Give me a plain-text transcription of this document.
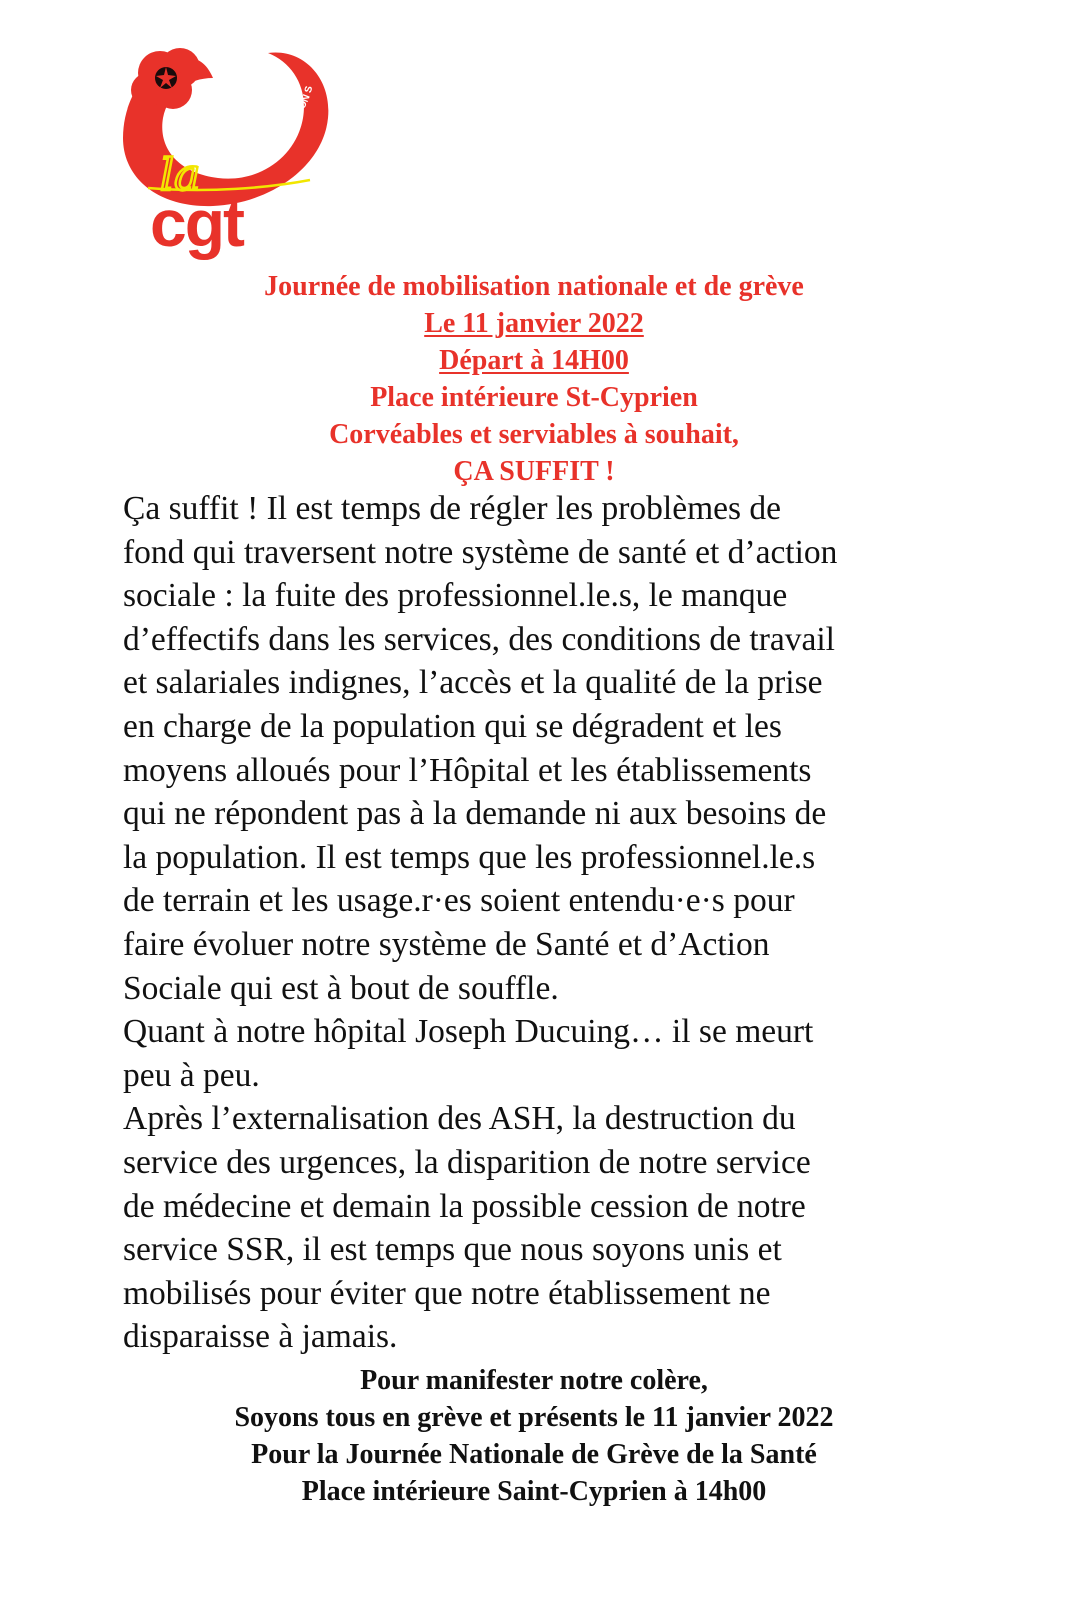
SANTÉ ET ACTION S
la
cgt
Journée de mobilisation nationale et de grève
Le 11 janvier 2022
Départ à 14H00
Place intérieure St-Cyprien
Corvéables et serviables à souhait,
ÇA SUFFIT !
Ça suffit ! Il est temps de régler les problèmes de
fond qui traversent notre système de santé et d’action
sociale : la fuite des professionnel.le.s, le manque
d’effectifs dans les services, des conditions de travail
et salariales indignes, l’accès et la qualité de la prise
en charge de la population qui se dégradent et les
moyens alloués pour l’Hôpital et les établissements
qui ne répondent pas à la demande ni aux besoins de
la population. Il est temps que les professionnel.le.s
de terrain et les usage.r·es soient entendu·e·s pour
faire évoluer notre système de Santé et d’Action
Sociale qui est à bout de souffle.
Quant à notre hôpital Joseph Ducuing… il se meurt
peu à peu.
Après l’externalisation des ASH, la destruction du
service des urgences, la disparition de notre service
de médecine et demain la possible cession de notre
service SSR, il est temps que nous soyons unis et
mobilisés pour éviter que notre établissement ne
disparaisse à jamais.
Pour manifester notre colère,
Soyons tous en grève et présents le 11 janvier 2022
Pour la Journée Nationale de Grève de la Santé
Place intérieure Saint-Cyprien à 14h00
